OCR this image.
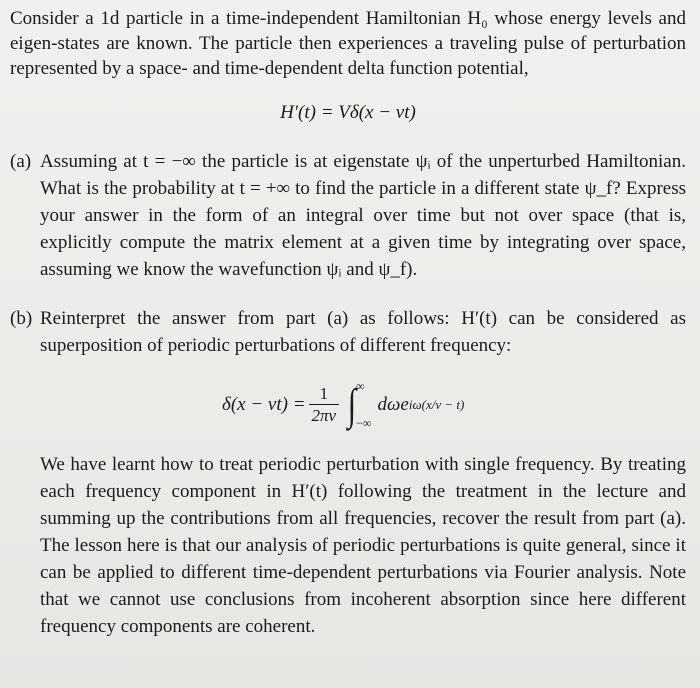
Consider a 1d particle in a time-independent Hamiltonian H₀ whose energy levels and eigen-states are known. The particle then experiences a traveling pulse of perturbation represented by a space- and time-dependent delta function potential,

H′(t) = Vδ(x − vt)
(a) Assuming at t = −∞ the particle is at eigenstate ψᵢ of the unperturbed Hamiltonian. What is the probability at t = +∞ to find the particle in a different state ψ_f? Express your answer in the form of an integral over time but not over space (that is, explicitly compute the matrix element at a given time by integrating over space, assuming we know the wavefunction ψᵢ and ψ_f).
(b) Reinterpret the answer from part (a) as follows: H′(t) can be considered as superposition of periodic perturbations of different frequency:
$\delta(x - vt) = \frac{1}{2\pi v}$ ∫ ∞
−∞
dωe iω(x/v − t)

We have learnt how to treat periodic perturbation with single frequency. By treating each frequency component in H′(t) following the treatment in the lecture and summing up the contributions from all frequencies, recover the result from part (a). The lesson here is that our analysis of periodic perturbations is quite general, since it can be applied to different time-dependent perturbations via Fourier analysis. Note that we cannot use conclusions from incoherent absorption since here different frequency components are coherent.
